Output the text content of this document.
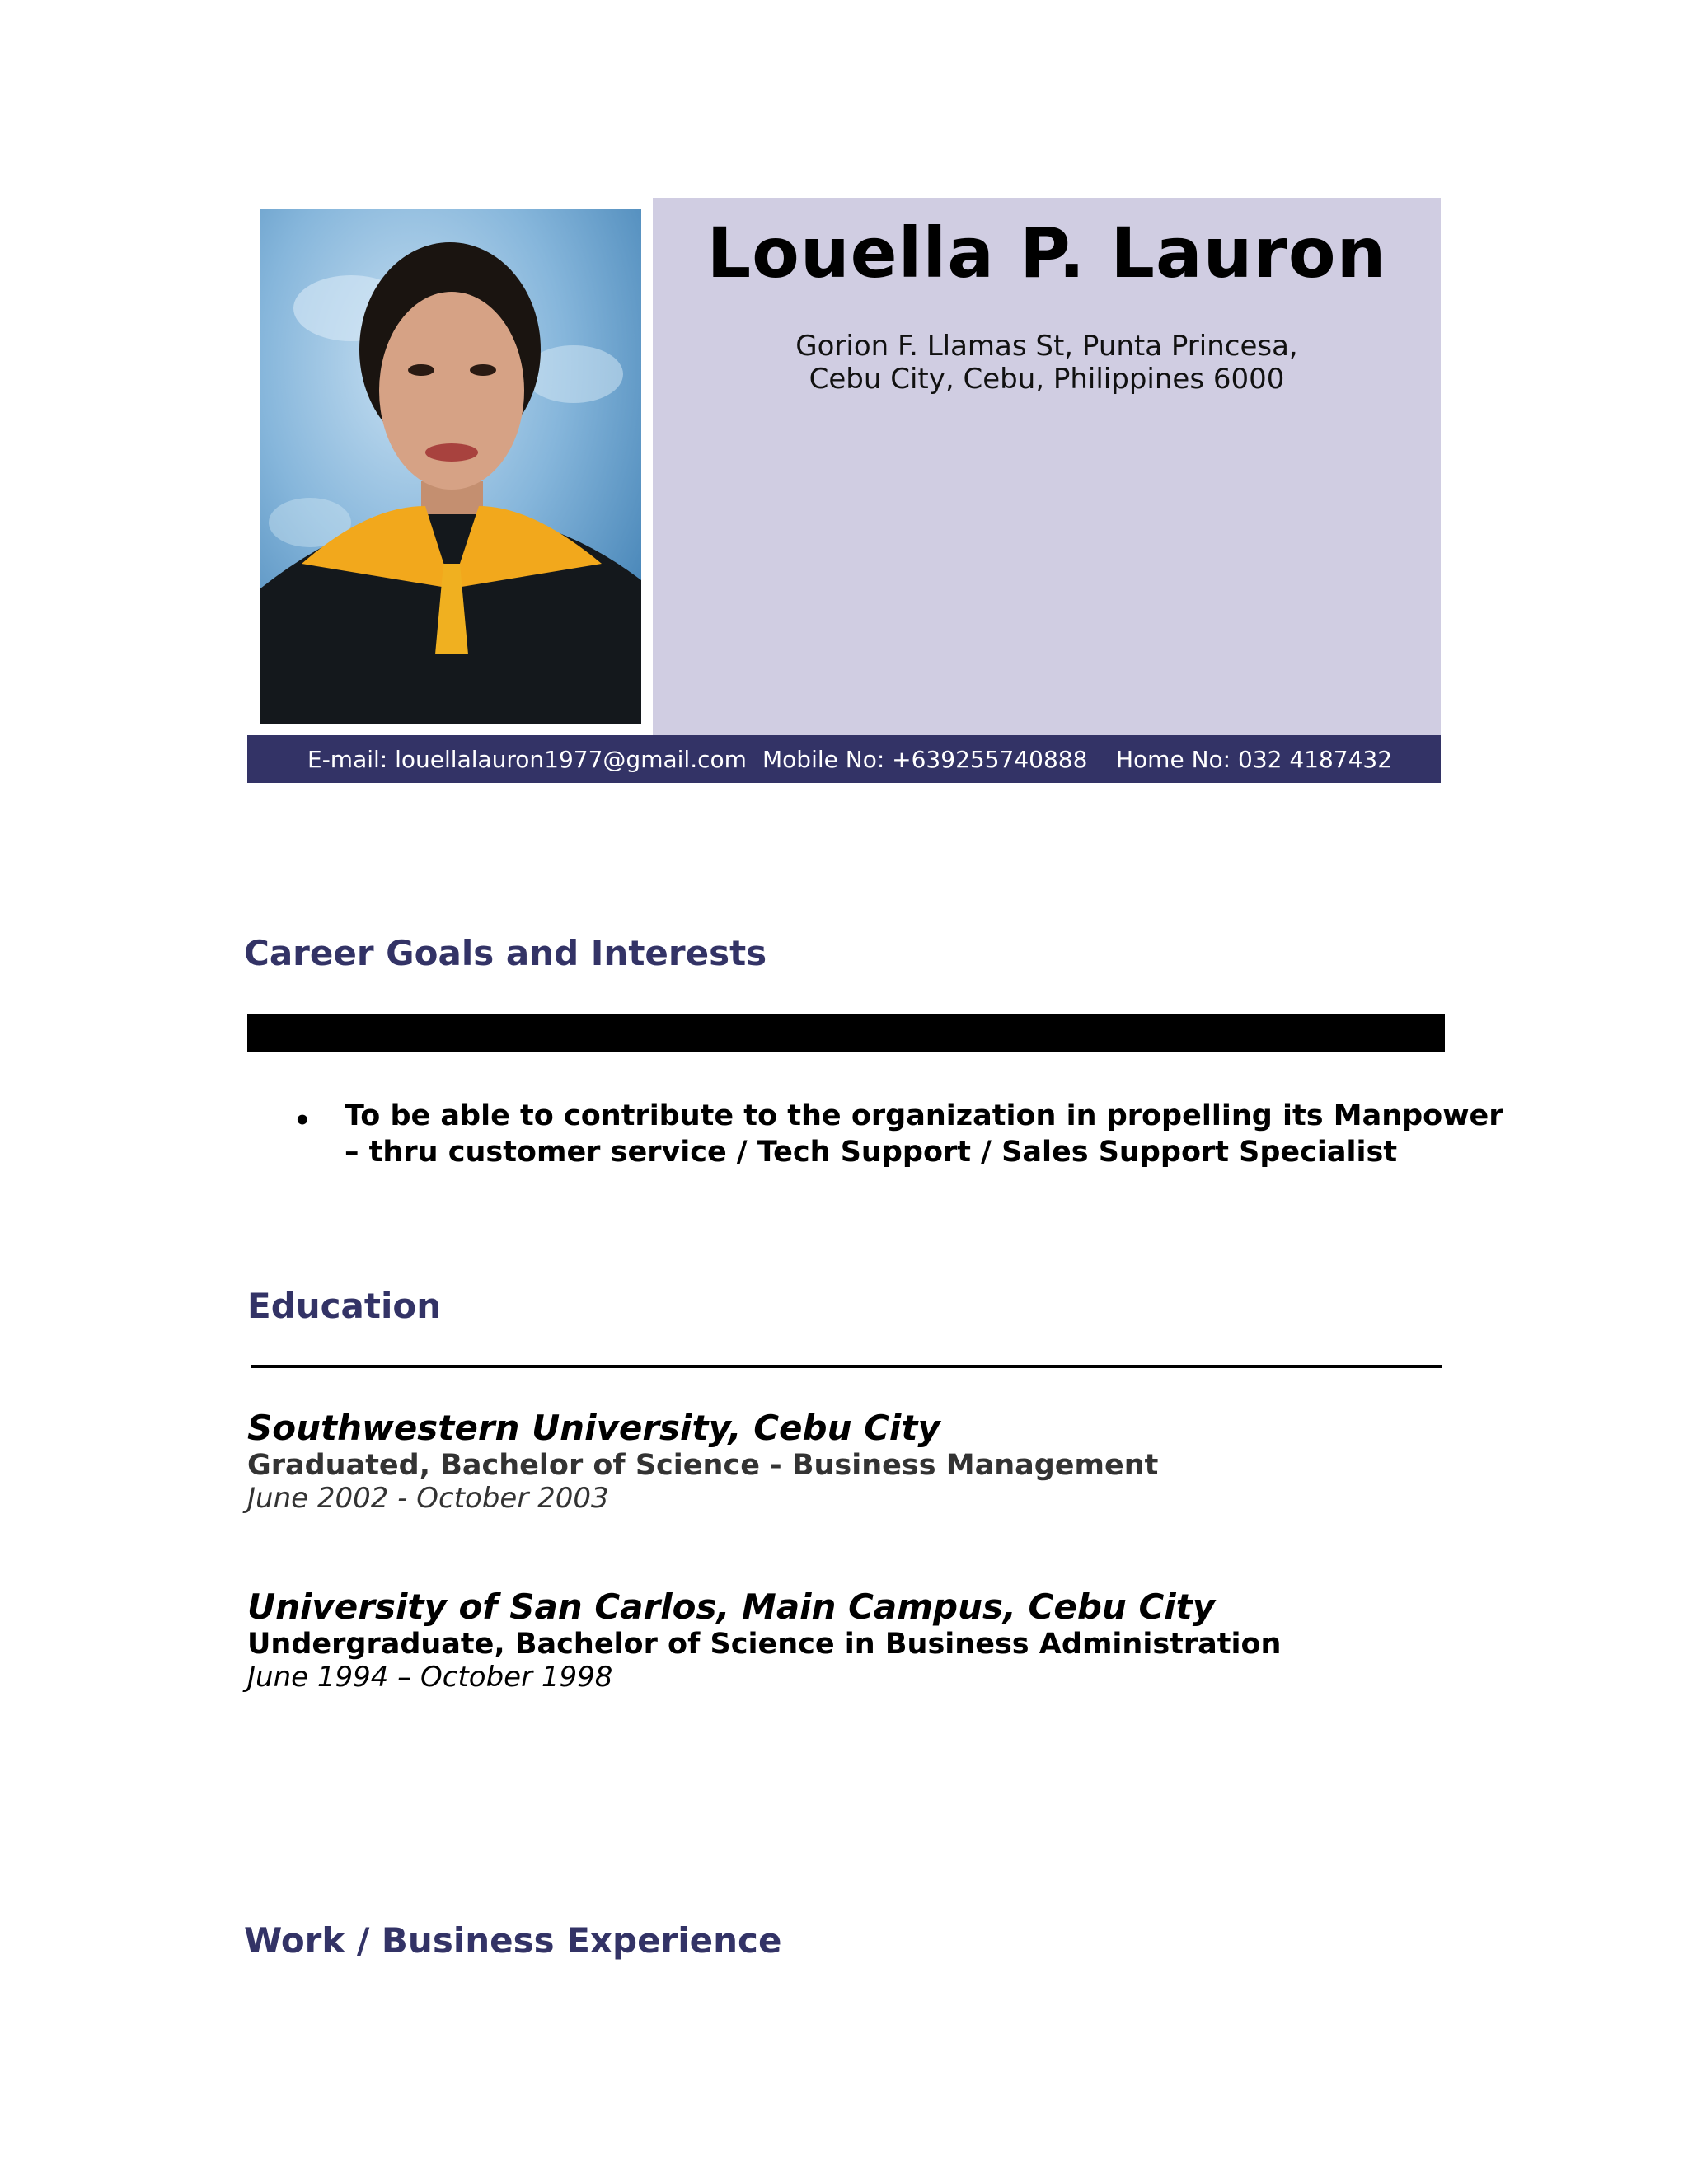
Louella P. Lauron
Gorion F. Llamas St, Punta Princesa,
Cebu City, Cebu, Philippines 6000
E-mail: louellalauron1977@gmail.com Mobile No: +639255740888 Home No: 032 4187432
Career Goals and Interests
• To be able to contribute to the organization in propelling its Manpower
– thru customer service / Tech Support / Sales Support Specialist
Education
Southwestern University, Cebu City
Graduated, Bachelor of Science - Business Management
June 2002 - October 2003
University of San Carlos, Main Campus, Cebu City
Undergraduate, Bachelor of Science in Business Administration
June 1994 – October 1998
Work / Business Experience
